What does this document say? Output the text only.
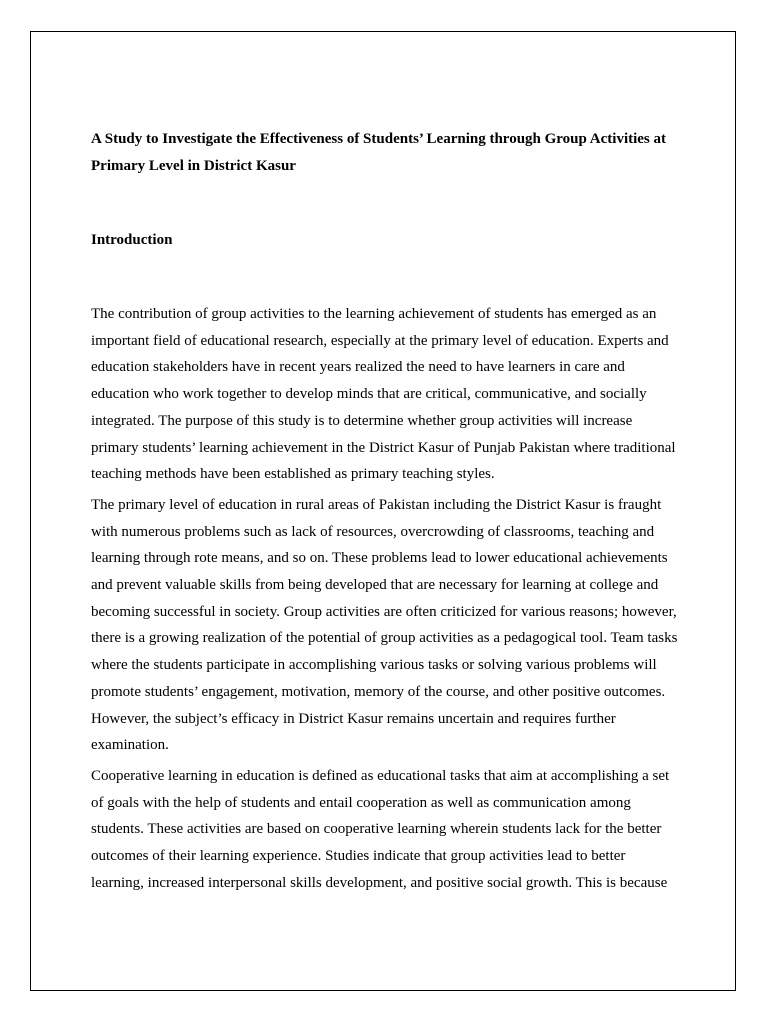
A Study to Investigate the Effectiveness of Students’ Learning through Group Activities at Primary Level in District Kasur

Introduction

The contribution of group activities to the learning achievement of students has emerged as an important field of educational research, especially at the primary level of education. Experts and education stakeholders have in recent years realized the need to have learners in care and education who work together to develop minds that are critical, communicative, and socially integrated. The purpose of this study is to determine whether group activities will increase primary students’ learning achievement in the District Kasur of Punjab Pakistan where traditional teaching methods have been established as primary teaching styles.

The primary level of education in rural areas of Pakistan including the District Kasur is fraught with numerous problems such as lack of resources, overcrowding of classrooms, teaching and learning through rote means, and so on. These problems lead to lower educational achievements and prevent valuable skills from being developed that are necessary for learning at college and becoming successful in society. Group activities are often criticized for various reasons; however, there is a growing realization of the potential of group activities as a pedagogical tool. Team tasks where the students participate in accomplishing various tasks or solving various problems will promote students’ engagement, motivation, memory of the course, and other positive outcomes. However, the subject’s efficacy in District Kasur remains uncertain and requires further examination.

Cooperative learning in education is defined as educational tasks that aim at accomplishing a set of goals with the help of students and entail cooperation as well as communication among students. These activities are based on cooperative learning wherein students lack for the better outcomes of their learning experience. Studies indicate that group activities lead to better learning, increased interpersonal skills development, and positive social growth. This is because
